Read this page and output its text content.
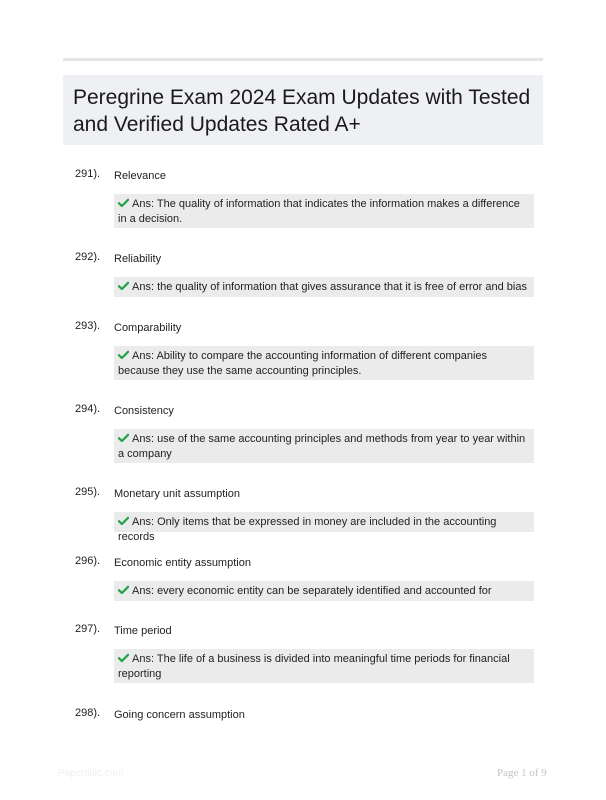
Peregrine Exam 2024 Exam Updates with Tested and Verified Updates Rated A+
291). Relevance
Ans: The quality of information that indicates the information makes a difference in a decision.
292). Reliability
Ans: the quality of information that gives assurance that it is free of error and bias
293). Comparability
Ans: Ability to compare the accounting information of different companies because they use the same accounting principles.
294). Consistency
Ans: use of the same accounting principles and methods from year to year within a company
295). Monetary unit assumption
Ans: Only items that be expressed in money are included in the accounting records
296). Economic entity assumption
Ans: every economic entity can be separately identified and accounted for
297). Time period
Ans: The life of a business is divided into meaningful time periods for financial reporting
298). Going concern assumption
Papertitlic.com	Page 1 of 9
